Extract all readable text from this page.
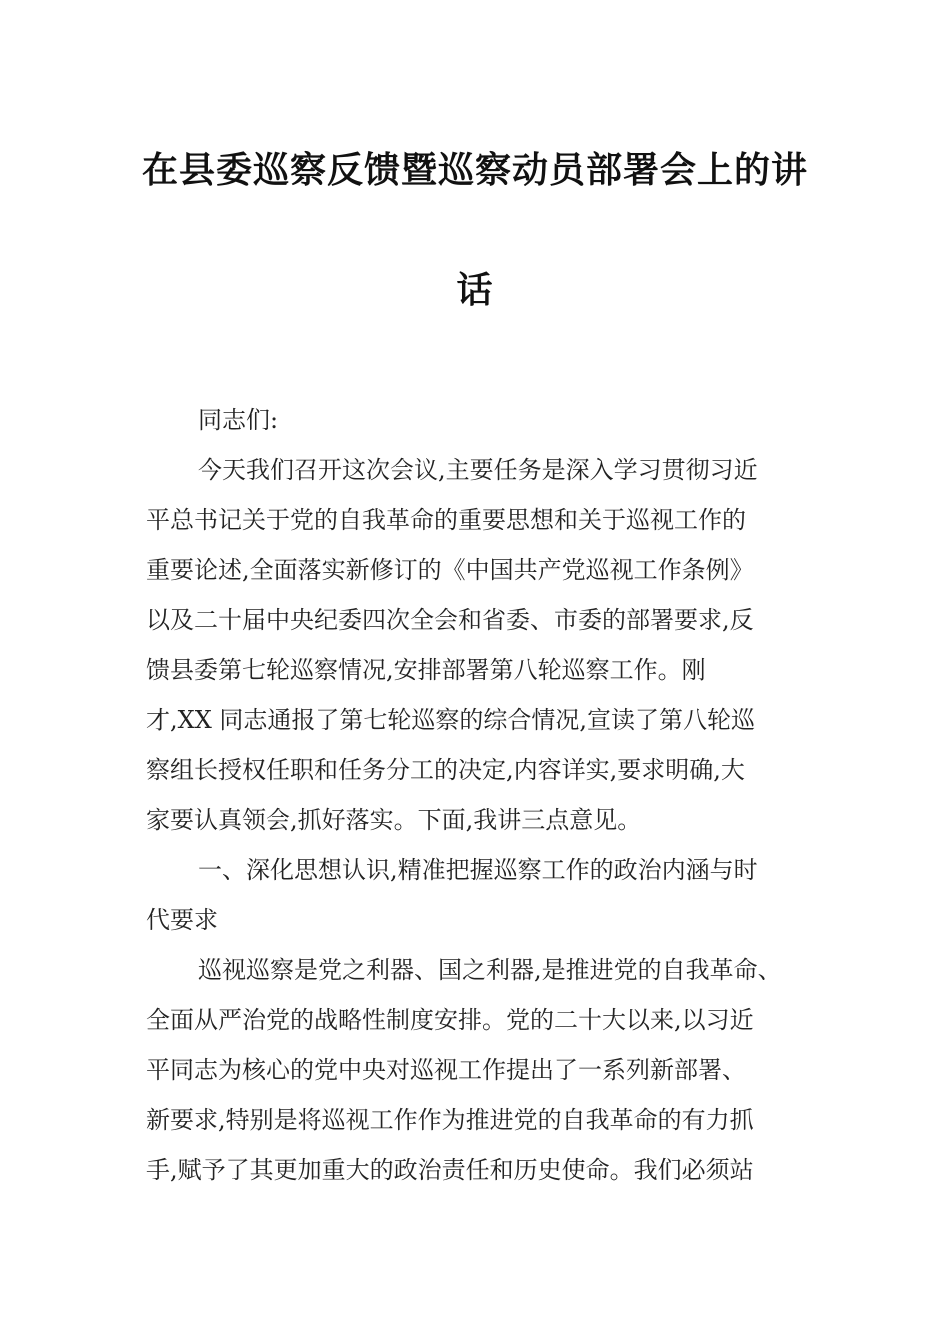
在县委巡察反馈暨巡察动员部署会上的讲
话
同志们:
今天我们召开这次会议,主要任务是深入学习贯彻习近
平总书记关于党的自我革命的重要思想和关于巡视工作的
重要论述,全面落实新修订的《中国共产党巡视工作条例》
以及二十届中央纪委四次全会和省委、市委的部署要求,反
馈县委第七轮巡察情况,安排部署第八轮巡察工作。刚
才,XX 同志通报了第七轮巡察的综合情况,宣读了第八轮巡
察组长授权任职和任务分工的决定,内容详实,要求明确,大
家要认真领会,抓好落实。下面,我讲三点意见。
一、深化思想认识,精准把握巡察工作的政治内涵与时
代要求
巡视巡察是党之利器、国之利器,是推进党的自我革命、
全面从严治党的战略性制度安排。党的二十大以来,以习近
平同志为核心的党中央对巡视工作提出了一系列新部署、
新要求,特别是将巡视工作作为推进党的自我革命的有力抓
手,赋予了其更加重大的政治责任和历史使命。我们必须站
